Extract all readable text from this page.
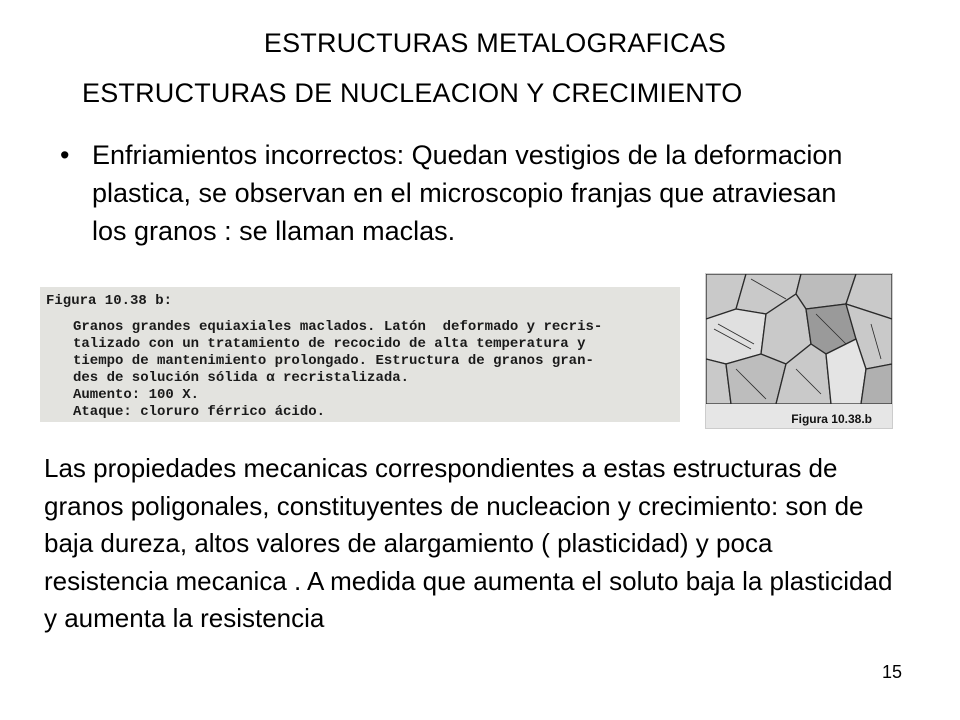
ESTRUCTURAS METALOGRAFICAS
ESTRUCTURAS DE NUCLEACION Y CRECIMIENTO
• Enfriamientos incorrectos: Quedan vestigios de la deformacion plastica, se observan en el microscopio franjas que atraviesan los granos : se llaman maclas.
Figura 10.38 b:
Granos grandes equiaxiales maclados. Latón  deformado y recris-
talizado con un tratamiento de recocido de alta temperatura y
tiempo de mantenimiento prolongado. Estructura de granos gran-
des de solución sólida α recristalizada.
Aumento: 100 X.
Ataque: cloruro férrico ácido.	Figura 10.38.b
Las propiedades mecanicas correspondientes a estas estructuras de granos poligonales, constituyentes de nucleacion y crecimiento: son de baja dureza, altos valores de alargamiento ( plasticidad) y poca resistencia mecanica . A medida que aumenta el soluto baja la plasticidad y aumenta la resistencia
15
